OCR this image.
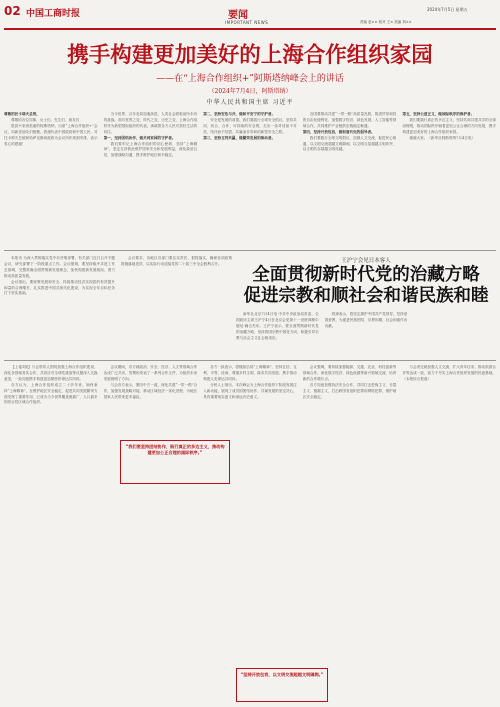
02 中国工商时报	要闻
IMPORTANT NEWS
2024年7月5日 星期五
责编 赵×× 校对 王× 美编 刘××
携手构建更加美好的上海合作组织家园
——在“上海合作组织+”阿斯塔纳峰会上的讲话
（2024年7月4日，阿斯塔纳）
中华人民共和国主席 习近平

尊敬的托卡耶夫总统，

尊敬的各位同事，女士们，先生们，朋友们：

很高兴来到美丽的阿斯塔纳，出席“上海合作组织+”会议，同新老朋友们相聚。我谨代表中国政府和中国人民，对托卡耶夫总统和哈萨克斯坦政府为会议所作周到安排，表示衷心的感谢！

当今世界，百年变局加速演进，人类社会面临前所未有的挑战。面对世界之变、时代之变、历史之变，上海合作组织作为新型国际组织的代表，承载着各方人民对美好生活的向往。

第一，坚持团结协作，做共同家园的守护者。

我们要牢记上海合作组织的初心使命，坚持“上海精神”，坚定支持彼此维护国家安全和发展利益，深化政治互信，加强战略沟通，携手维护地区和平稳定。

第二，坚持安危与共，做和平安宁的守护者。

安全是发展的前提。我们要践行全球安全倡议，坚持共同、综合、合作、可持续的安全观，走出一条对话而不对抗、结伴而不结盟、共赢而非零和的新型安全之路。

第三，坚持互利共赢，做繁荣发展的推动者。

各国要推动共建“一带一路”高质量发展，推进贸易和投资自由化便利化，加强数字经济、绿色发展、人工智能等领域合作，共同维护产业链供应链稳定畅通。

第四，坚持开放包容，做和谐共处的倡导者。

我们要践行全球文明倡议，加强人文交流，促进民心相通，以文明交流超越文明隔阂，以文明互鉴超越文明冲突，以文明共存超越文明优越。

第五，坚持公道正义，做国际秩序的维护者。

我们要践行真正的多边主义，坚持共商共建共享的全球治理观，推动国际秩序朝着更加公正合理的方向发展，携手构建更加美好的上海合作组织家园。

谢谢大家。（新华社阿斯塔纳7月4日电）

本报讯 为深入贯彻落实党中央决策部署，有关部门近日召开专题会议，研究部署下一阶段重点工作。会议强调，要坚持稳中求进工作总基调，完整准确全面贯彻新发展理念，加快构建新发展格局，着力推动高质量发展。

会议指出，要统筹发展和安全，持续推动经济实现质的有效提升和量的合理增长，扎实推进中国式现代化建设，为实现全年目标任务打下坚实基础。

会议要求，各地区各部门要压实责任，狠抓落实，确保各项政策措施落地见效，以实际行动迎接党的二十届三中全会胜利召开。	王沪宁会见日本客人
全面贯彻新时代党的治藏方略
促进宗教和顺社会和谐民族和睦

新华社北京7月4日电 中共中央政治局常委、全国政协主席王沪宁4日在北京会见第十一世班禅额尔德尼·确吉杰布。王沪宁表示，要全面贯彻新时代党的治藏方略，坚持我国宗教中国化方向，积极引导宗教与社会主义社会相适应。

班禅表示，将坚定拥护中国共产党领导，坚持爱国爱教，为促进民族团结、宗教和顺、社会和谐作出贡献。

【上接1版】与会领导人围绕加强上海合作组织建设、深化各领域务实合作、共同应对全球性挑战等议题深入交换意见，一致同意携手构建更加紧密的命运共同体。

各方认为，上海合作组织成立二十多年来，始终秉持“上海精神”，在维护地区安全稳定、促进共同发展繁荣方面发挥了重要作用，已成为当今世界覆盖面最广、人口最多的综合性区域合作组织。

会议期间，各方就政治、安全、经济、人文等领域合作达成广泛共识，签署和发表了一系列合作文件，为组织未来发展指明了方向。

与会各方表示，愿同中方一道，深化共建“一带一路”合作，加强发展战略对接，推动区域经济一体化进程，为地区国家人民带来更多福祉。

各方一致表示，将继续弘扬“上海精神”，坚持互信、互利、平等、协商、尊重多样文明、谋求共同发展，携手推动构建人类命运共同体。

分析人士指出，本次峰会为上海合作组织下阶段发展注入新动能，展现了成员国团结协作、共谋发展的坚定决心，具有重要现实意义和深远历史意义。

会议强调，要持续加强能源、交通、农业、科技创新等领域合作，深化数字经济、绿色低碳等新兴领域交流，培育新的合作增长点。

各方同意加强执法安全合作，共同打击恐怖主义、分裂主义、极端主义，打击跨国有组织犯罪和网络犯罪，维护地区安全稳定。

与会者还就加强人文交流、扩大青年往来、推动旅游合作等达成一致，致力于夯实上海合作组织发展的民意基础。（本报综合报道）

“我们要坚持团结协作，践行真正的多边主义，推动构建更加公正合理的国际秩序。”

“坚持开放包容，以文明交流超越文明隔阂。”
